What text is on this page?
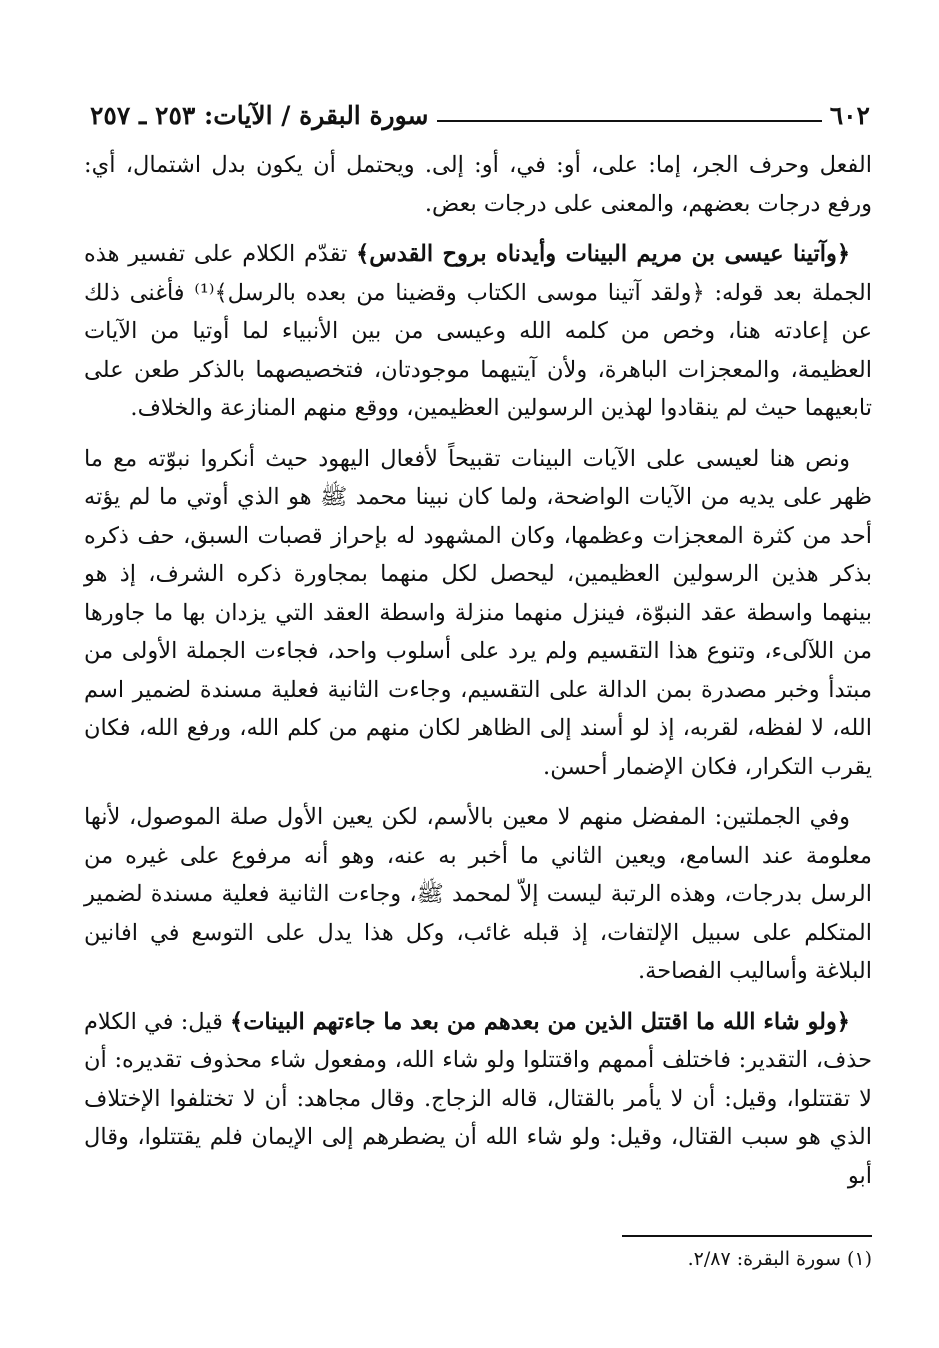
٦٠٢
سورة البقرة / الآيات: ٢٥٣ ـ ٢٥٧

الفعل وحرف الجر، إما: على، أو: في، أو: إلى. ويحتمل أن يكون بدل اشتمال، أي: ورفع درجات بعضهم، والمعنى على درجات بعض.

﴿وآتينا عيسى بن مريم البينات وأيدناه بروح القدس﴾ تقدّم الكلام على تفسير هذه الجملة بعد قوله: ﴿ولقد آتينا موسى الكتاب وقضينا من بعده بالرسل﴾⁽¹⁾ فأغنى ذلك عن إعادته هنا، وخص من كلمه الله وعيسى من بين الأنبياء لما أوتيا من الآيات العظيمة، والمعجزات الباهرة، ولأن آيتيهما موجودتان، فتخصيصهما بالذكر طعن على تابعيهما حيث لم ينقادوا لهذين الرسولين العظيمين، ووقع منهم المنازعة والخلاف.

ونص هنا لعيسى على الآيات البينات تقبيحاً لأفعال اليهود حيث أنكروا نبوّته مع ما ظهر على يديه من الآيات الواضحة، ولما كان نبينا محمد ﷺ هو الذي أوتي ما لم يؤته أحد من كثرة المعجزات وعظمها، وكان المشهود له بإحراز قصبات السبق، حف ذكره بذكر هذين الرسولين العظيمين، ليحصل لكل منهما بمجاورة ذكره الشرف، إذ هو بينهما واسطة عقد النبوّة، فينزل منهما منزلة واسطة العقد التي يزدان بها ما جاورها من اللآلىء، وتنوع هذا التقسيم ولم يرد على أسلوب واحد، فجاءت الجملة الأولى من مبتدأ وخبر مصدرة بمن الدالة على التقسيم، وجاءت الثانية فعلية مسندة لضمير اسم الله، لا لفظه، لقربه، إذ لو أسند إلى الظاهر لكان منهم من كلم الله، ورفع الله، فكان يقرب التكرار، فكان الإضمار أحسن.

وفي الجملتين: المفضل منهم لا معين بالأسم، لكن يعين الأول صلة الموصول، لأنها معلومة عند السامع، ويعين الثاني ما أخبر به عنه، وهو أنه مرفوع على غيره من الرسل بدرجات، وهذه الرتبة ليست إلاّ لمحمد ﷺ، وجاءت الثانية فعلية مسندة لضمير المتكلم على سبيل الإلتفات، إذ قبله غائب، وكل هذا يدل على التوسع في افانين البلاغة وأساليب الفصاحة.

﴿ولو شاء الله ما اقتتل الذين من بعدهم من بعد ما جاءتهم البينات﴾ قيل: في الكلام حذف، التقدير: فاختلف أممهم واقتتلوا ولو شاء الله، ومفعول شاء محذوف تقديره: أن لا تقتتلوا، وقيل: أن لا يأمر بالقتال، قاله الزجاج. وقال مجاهد: أن لا تختلفوا الإختلاف الذي هو سبب القتال، وقيل: ولو شاء الله أن يضطرهم إلى الإيمان فلم يقتتلوا، وقال أبو

(١) سورة البقرة: ٢/٨٧.
